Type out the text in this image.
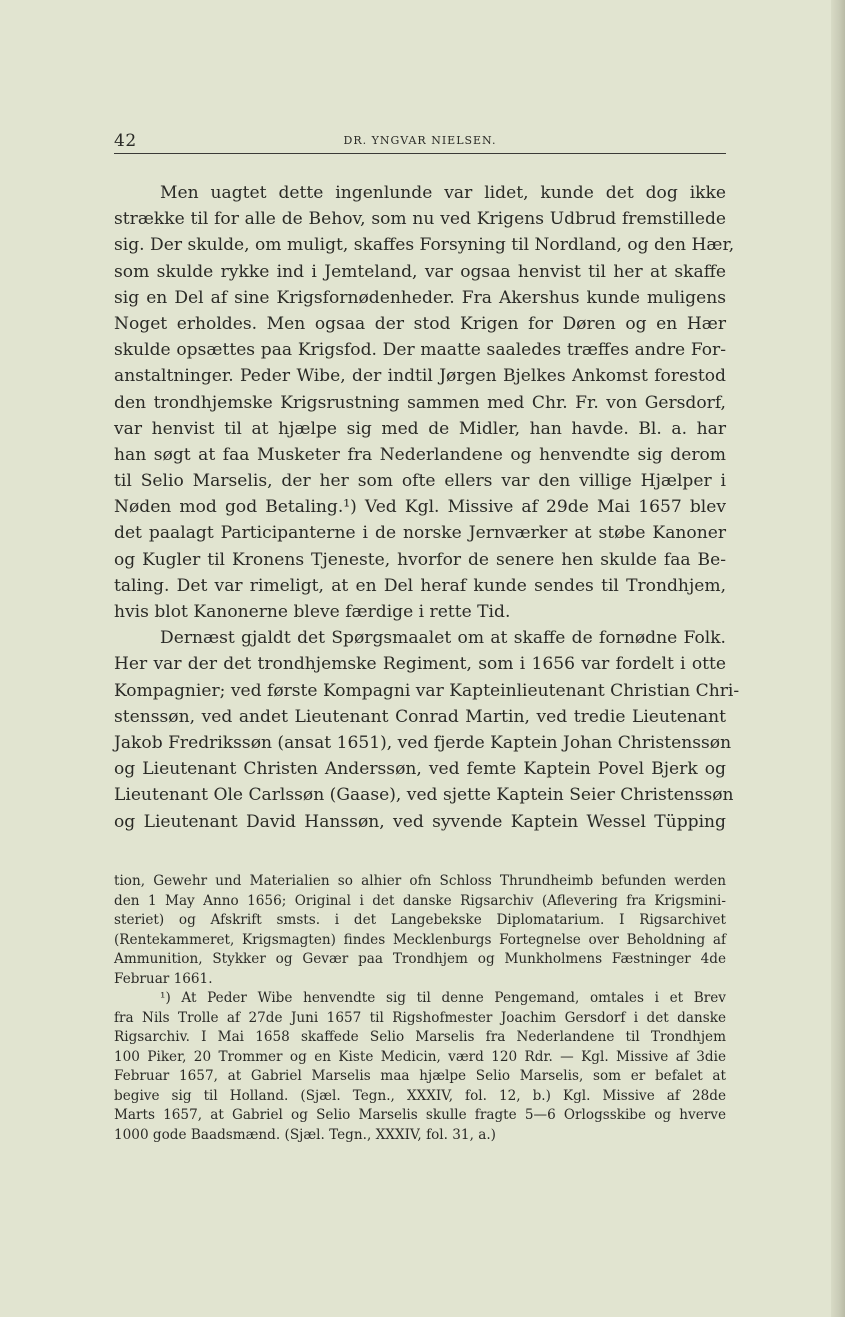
42	DR. YNGVAR NIELSEN.
Men uagtet dette ingenlunde var lidet, kunde det dog ikke
strække til for alle de Behov, som nu ved Krigens Udbrud fremstillede
sig. Der skulde, om muligt, skaffes Forsyning til Nordland, og den Hær,
som skulde rykke ind i Jemteland, var ogsaa henvist til her at skaffe
sig en Del af sine Krigsfornødenheder. Fra Akershus kunde muligens
Noget erholdes. Men ogsaa der stod Krigen for Døren og en Hær
skulde opsættes paa Krigsfod. Der maatte saaledes træffes andre For-
anstaltninger. Peder Wibe, der indtil Jørgen Bjelkes Ankomst forestod
den trondhjemske Krigsrustning sammen med Chr. Fr. von Gersdorf,
var henvist til at hjælpe sig med de Midler, han havde. Bl. a. har
han søgt at faa Musketer fra Nederlandene og henvendte sig derom
til Selio Marselis, der her som ofte ellers var den villige Hjælper i
Nøden mod god Betaling.¹) Ved Kgl. Missive af 29de Mai 1657 blev
det paalagt Participanterne i de norske Jernværker at støbe Kanoner
og Kugler til Kronens Tjeneste, hvorfor de senere hen skulde faa Be-
taling. Det var rimeligt, at en Del heraf kunde sendes til Trondhjem,
hvis blot Kanonerne bleve færdige i rette Tid.
Dernæst gjaldt det Spørgsmaalet om at skaffe de fornødne Folk.
Her var der det trondhjemske Regiment, som i 1656 var fordelt i otte
Kompagnier; ved første Kompagni var Kapteinlieutenant Christian Chri-
stenssøn, ved andet Lieutenant Conrad Martin, ved tredie Lieutenant
Jakob Fredrikssøn (ansat 1651), ved fjerde Kaptein Johan Christenssøn
og Lieutenant Christen Anderssøn, ved femte Kaptein Povel Bjerk og
Lieutenant Ole Carlssøn (Gaase), ved sjette Kaptein Seier Christenssøn
og Lieutenant David Hanssøn, ved syvende Kaptein Wessel Tüpping
tion, Gewehr und Materialien so alhier ofn Schloss Thrundheimb befunden werden
den 1 May Anno 1656; Original i det danske Rigsarchiv (Aflevering fra Krigsmini-
steriet) og Afskrift smsts. i det Langebekske Diplomatarium. I Rigsarchivet
(Rentekammeret, Krigsmagten) findes Mecklenburgs Fortegnelse over Beholdning af
Ammunition, Stykker og Gevær paa Trondhjem og Munkholmens Fæstninger 4de
Februar 1661.
¹) At Peder Wibe henvendte sig til denne Pengemand, omtales i et Brev
fra Nils Trolle af 27de Juni 1657 til Rigshofmester Joachim Gersdorf i det danske
Rigsarchiv. I Mai 1658 skaffede Selio Marselis fra Nederlandene til Trondhjem
100 Piker, 20 Trommer og en Kiste Medicin, værd 120 Rdr. — Kgl. Missive af 3die
Februar 1657, at Gabriel Marselis maa hjælpe Selio Marselis, som er befalet at
begive sig til Holland. (Sjæl. Tegn., XXXIV, fol. 12, b.) Kgl. Missive af 28de
Marts 1657, at Gabriel og Selio Marselis skulle fragte 5—6 Orlogsskibe og hverve
1000 gode Baadsmænd. (Sjæl. Tegn., XXXIV, fol. 31, a.)
